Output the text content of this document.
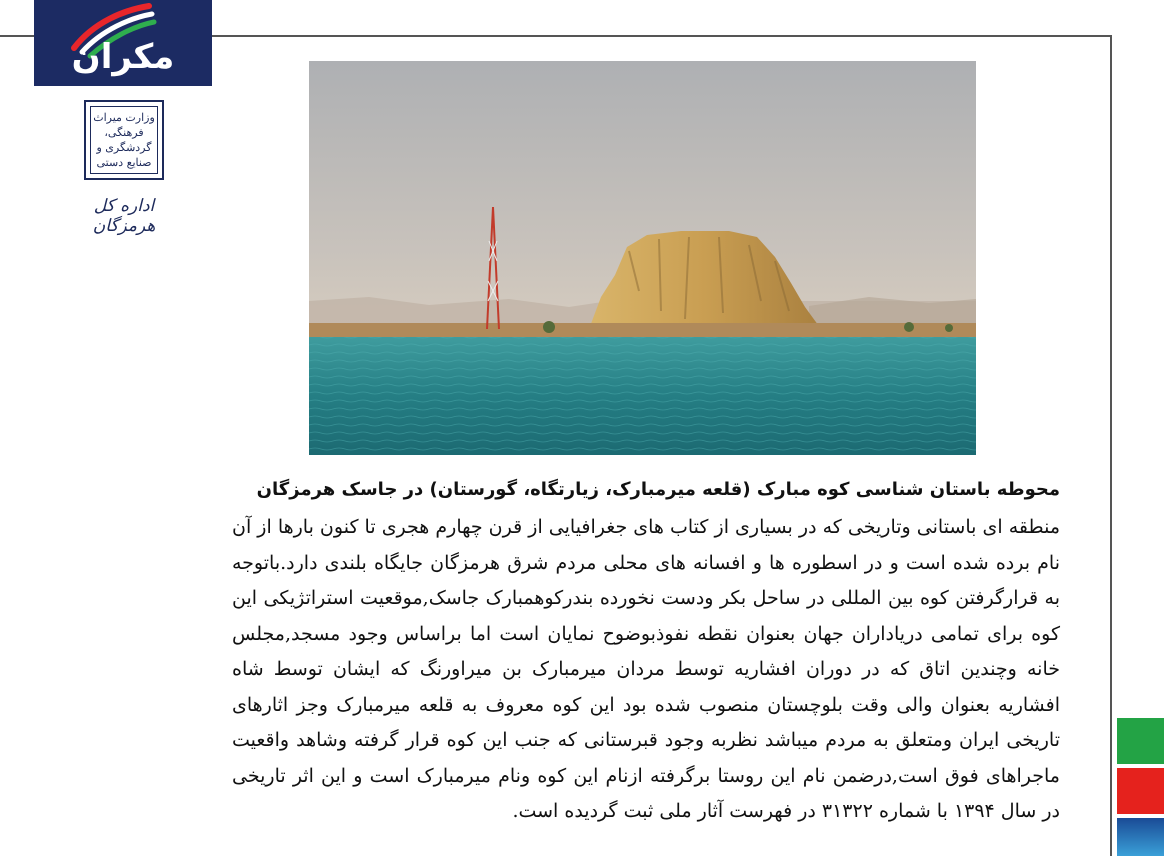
مکران
وزارت میراث فرهنگی، گردشگری و صنایع دستی
اداره کل هرمزگان
محوطه باستان شناسی کوه مبارک (قلعه میرمبارک، زیارتگاه، گورستان) در جاسک هرمزگان
منطقه ای باستانی وتاریخی که در بسیاری از کتاب های جغرافیایی از قرن چهارم هجری تا کنون بارها از آن نام برده شده است و در اسطوره ها و افسانه های محلی مردم شرق هرمزگان جایگاه بلندی دارد.باتوجه به قرارگرفتن کوه بین المللی در ساحل بکر ودست نخورده بندرکوهمبارک جاسک,موقعیت استراتژیکی این کوه برای تمامی دریاداران جهان بعنوان نقطه نفوذبوضوح نمایان است اما براساس وجود مسجد,مجلس خانه وچندین اتاق که در دوران افشاریه توسط مردان میرمبارک بن میراورنگ که ایشان توسط شاه افشاریه بعنوان والی وقت بلوچستان منصوب شده بود این کوه معروف به قلعه میرمبارک وجز اثارهای تاریخی ایران ومتعلق به مردم میباشد نظربه وجود قبرستانی که جنب این کوه قرار گرفته وشاهد واقعیت ماجراهای فوق است,درضمن نام این روستا برگرفته ازنام این کوه ونام میرمبارک است و این اثر تاریخی در سال ۱۳۹۴ با شماره ۳۱۳۲۲ در فهرست آثار ملی ثبت گردیده است.
